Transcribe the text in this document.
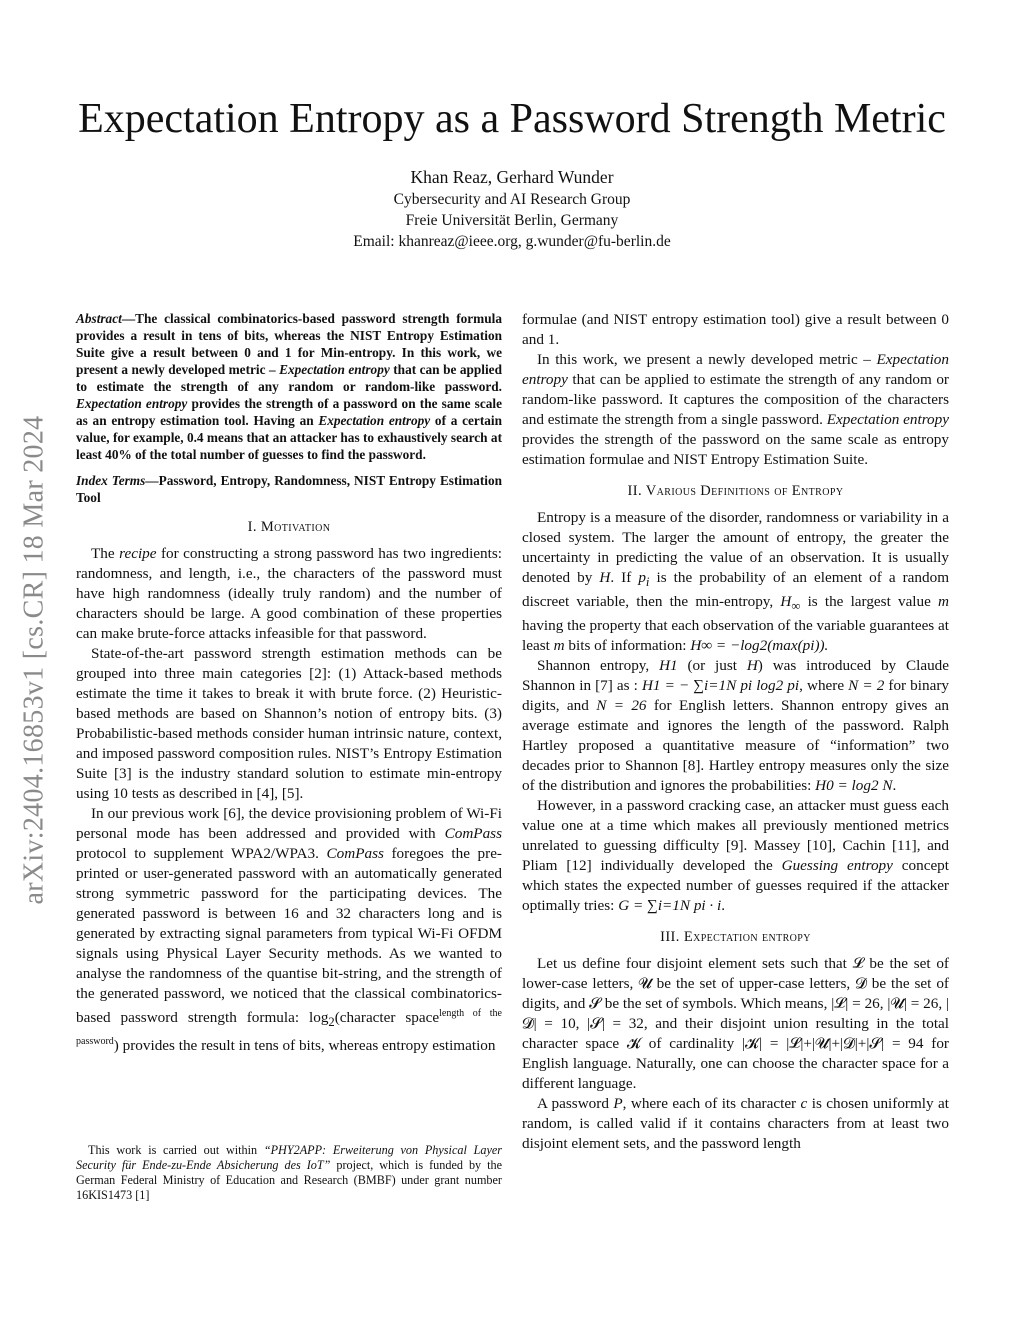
arXiv:2404.16853v1 [cs.CR] 18 Mar 2024
Expectation Entropy as a Password Strength Metric
Khan Reaz, Gerhard Wunder
Cybersecurity and AI Research Group
Freie Universität Berlin, Germany
Email: khanreaz@ieee.org, g.wunder@fu-berlin.de

Abstract—The classical combinatorics-based password strength formula provides a result in tens of bits, whereas the NIST Entropy Estimation Suite give a result between 0 and 1 for Min-entropy. In this work, we present a newly developed metric – Expectation entropy that can be applied to estimate the strength of any random or random-like password. Expectation entropy provides the strength of a password on the same scale as an entropy estimation tool. Having an Expectation entropy of a certain value, for example, 0.4 means that an attacker has to exhaustively search at least 40% of the total number of guesses to find the password.

Index Terms—Password, Entropy, Randomness, NIST Entropy Estimation Tool

I. Motivation

The recipe for constructing a strong password has two ingredients: randomness, and length, i.e., the characters of the password must have high randomness (ideally truly random) and the number of characters should be large. A good combination of these properties can make brute-force attacks infeasible for that password.

State-of-the-art password strength estimation methods can be grouped into three main categories [2]: (1) Attack-based methods estimate the time it takes to break it with brute force. (2) Heuristic-based methods are based on Shannon’s notion of entropy bits. (3) Probabilistic-based methods consider human intrinsic nature, context, and imposed password composition rules. NIST’s Entropy Estimation Suite [3] is the industry standard solution to estimate min-entropy using 10 tests as described in [4], [5].

In our previous work [6], the device provisioning problem of Wi-Fi personal mode has been addressed and provided with ComPass protocol to supplement WPA2/WPA3. ComPass foregoes the pre-printed or user-generated password with an automatically generated strong symmetric password for the participating devices. The generated password is between 16 and 32 characters long and is generated by extracting signal parameters from typical Wi-Fi OFDM signals using Physical Layer Security methods. As we wanted to analyse the randomness of the quantise bit-string, and the strength of the generated password, we noticed that the classical combinatorics-based password strength formula: $\log_2(character$ space$^{length of the password}$) provides the result in tens of bits, whereas entropy estimation

This work is carried out within “PHY2APP: Erweiterung von Physical Layer Security für Ende-zu-Ende Absicherung des IoT” project, which is funded by the German Federal Ministry of Education and Research (BMBF) under grant number 16KIS1473 [1]

formulae (and NIST entropy estimation tool) give a result between 0 and 1.

In this work, we present a newly developed metric – Expectation entropy that can be applied to estimate the strength of any random or random-like password. It captures the composition of the characters and estimate the strength from a single password. Expectation entropy provides the strength of the password on the same scale as entropy estimation formulae and NIST Entropy Estimation Suite.

II. Various Definitions of Entropy

Entropy is a measure of the disorder, randomness or variability in a closed system. The larger the amount of entropy, the greater the uncertainty in predicting the value of an observation. It is usually denoted by H. If $p_i$ is the probability of an element of a random discreet variable, then the min-entropy, $H_\infty$ is the largest value m having the property that each observation of the variable guarantees at least m bits of information: H∞ = −log2(max(pi)).

Shannon entropy, H1 (or just H) was introduced by Claude Shannon in [7] as : H1 = − ∑i=1N pi log2 pi, where N = 2 for binary digits, and N = 26 for English letters. Shannon entropy gives an average estimate and ignores the length of the password. Ralph Hartley proposed a quantitative measure of “information” two decades prior to Shannon [8]. Hartley entropy measures only the size of the distribution and ignores the probabilities: H0 = log2 N.

However, in a password cracking case, an attacker must guess each value one at a time which makes all previously mentioned metrics unrelated to guessing difficulty [9]. Massey [10], Cachin [11], and Pliam [12] individually developed the Guessing entropy concept which states the expected number of guesses required if the attacker optimally tries: G = ∑i=1N pi · i.

III. Expectation entropy

Let us define four disjoint element sets such that 𝓛 be the set of lower-case letters, 𝓤 be the set of upper-case letters, 𝓓 be the set of digits, and 𝓢 be the set of symbols. Which means, |𝓛| = 26, |𝓤| = 26, |𝓓| = 10, |𝓢| = 32, and their disjoint union resulting in the total character space 𝓚 of cardinality |𝓚| = |𝓛|+|𝓤|+|𝓓|+|𝓢| = 94 for English language. Naturally, one can choose the character space for a different language.

A password P, where each of its character c is chosen uniformly at random, is called valid if it contains characters from at least two disjoint element sets, and the password length
